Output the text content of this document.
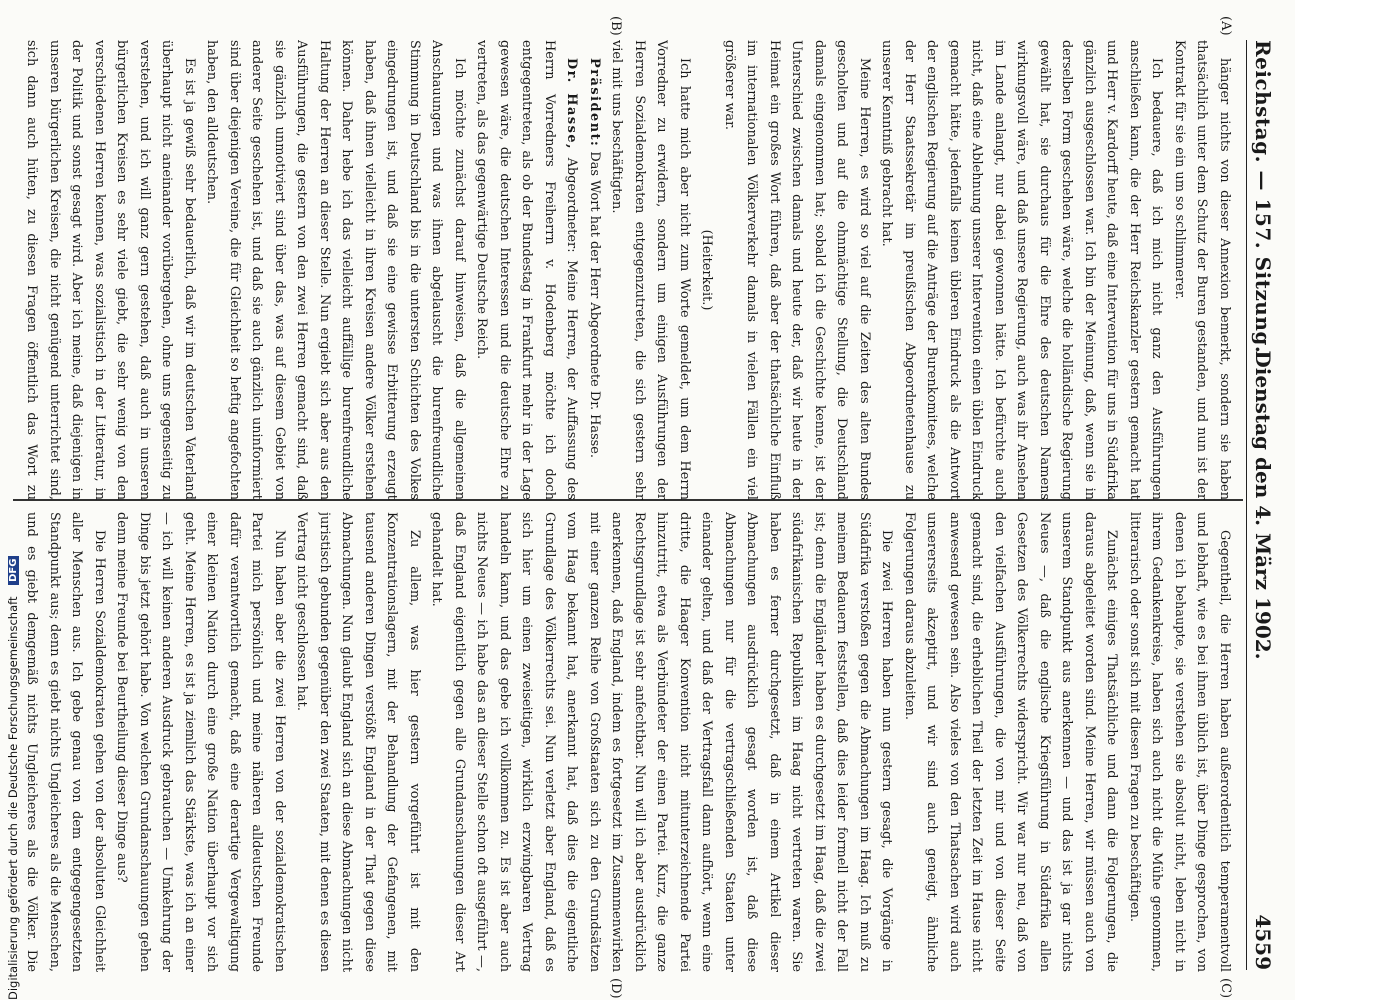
Reichstag. — 157. Sitzung.
Dienstag den 4. März 1902.
4559
(A)
(B)
(C)
(D)

hänger nichts von dieser Annexion bemerkt, sondern sie haben thatsächlich unter dem Schutz der Buren gestanden, und nun ist der Kontrakt für sie ein um so schlimmerer.

Ich bedauere, daß ich mich nicht ganz den Ausführungen anschließen kann, die der Herr Reichskanzler gestern gemacht hat und Herr v. Kardorff heute, daß eine Intervention für uns in Südafrika gänzlich ausgeschlossen war. Ich bin der Meinung, daß, wenn sie in derselben Form geschehen wäre, welche die holländische Regierung gewählt hat, sie durchaus für die Ehre des deutschen Namens wirkungsvoll wäre, und daß unsere Regierung, auch was ihr Ansehen im Lande anlangt, nur dabei gewonnen hätte. Ich befürchte auch nicht, daß eine Ablehnung unserer Intervention einen üblen Eindruck gemacht hätte, jedenfalls keinen übleren Eindruck als die Antwort der englischen Regierung auf die Anträge der Burenkomitees, welche der Herr Staatssekretär im preußischen Abgeordnetenhause zu unserer Kenntniß gebracht hat.

Meine Herren, es wird so viel auf die Zeiten des alten Bundes gescholten und auf die ohnmächtige Stellung, die Deutschland damals eingenommen hat; sobald ich die Geschichte kenne, ist der Unterschied zwischen damals und heute der, daß wir heute in der Heimat ein großes Wort führen, daß aber der thatsächliche Einfluß im internationalen Völkerverkehr damals in vielen Fällen ein viel größerer war.

(Heiterkeit.)

Ich hatte mich aber nicht zum Worte gemeldet, um dem Herrn Vorredner zu erwidern, sondern um einigen Ausführungen der Herren Sozialdemokraten entgegenzutreten, die sich gestern sehr viel mit uns beschäftigten.

Präsident: Das Wort hat der Herr Abgeordnete Dr. Hasse.

Dr. Hasse, Abgeordneter: Meine Herren, der Auffassung des Herrn Vorredners Freiherrn v. Hodenberg möchte ich doch entgegentreten, als ob der Bundestag in Frankfurt mehr in der Lage gewesen wäre, die deutschen Interessen und die deutsche Ehre zu vertreten, als das gegenwärtige Deutsche Reich.

Ich möchte zunächst darauf hinweisen, daß die allgemeinen Anschauungen und was ihnen abgelauscht die burenfreundliche Stimmung in Deutschland bis in die untersten Schichten des Volkes eingedrungen ist, und daß sie eine gewisse Erbitterung erzeugt haben, daß ihnen vielleicht in ihren Kreisen andere Völker erstehen können. Daher hebe ich das vielleicht auffällige burenfreundliche Haltung der Herren an dieser Stelle. Nun ergiebt sich aber aus den Ausführungen, die gestern von den zwei Herren gemacht sind, daß sie gänzlich unmotiviert sind über das, was auf diesem Gebiet von anderer Seite geschehen ist, und daß sie auch gänzlich uninformiert sind über diejenigen Vereine, die für Gleichheit so heftig angefochten haben, den alldeutschen.

Es ist ja gewiß sehr bedauerlich, daß wir im deutschen Vaterland überhaupt nicht aneinander vorübergehen, ohne uns gegenseitig zu verstehen, und ich will ganz gern gestehen, daß auch in unseren bürgerlichen Kreisen es sehr viele giebt, die sehr wenig von den verschiedenen Herren kennen, was sozialistisch in der Litteratur, in der Politik und sonst gesagt wird. Aber ich meine, daß diejenigen in unseren bürgerlichen Kreisen, die nicht genügend unterrichtet sind, sich dann auch hüten, zu diesen Fragen öffentlich das Wort zu

Gegentheil, die Herren haben außerordentlich temperamentvoll und lebhaft, wie es bei ihnen üblich ist, über Dinge gesprochen, von denen ich behaupte, sie verstehen sie absolut nicht, leben nicht in ihrem Gedankenkreise, haben sich auch nicht die Mühe genommen, litterarisch oder sonst sich mit diesen Fragen zu beschäftigen.

Zunächst einiges Thatsächliche und dann die Folgerungen, die daraus abgeleitet worden sind. Meine Herren, wir müssen auch von unserem Standpunkt aus anerkennen — und das ist ja gar nichts Neues —, daß die englische Kriegsführung in Südafrika allen Gesetzen des Völkerrechts widerspricht. Wir war nur neu, daß von den vielfachen Ausführungen, die von mir und von dieser Seite gemacht sind, die erheblichen Theil der letzten Zeit im Hause nicht anwesend gewesen sein. Also vieles von den Thatsachen wird auch unsererseits akzeptirt, und wir sind auch geneigt, ähnliche Folgerungen daraus abzuleiten.

Die zwei Herren haben nun gestern gesagt, die Vorgänge in Südafrika verstoßen gegen die Abmachungen im Haag. Ich muß zu meinem Bedauern feststellen, daß dies leider formell nicht der Fall ist; denn die Engländer haben es durchgesetzt im Haag, daß die zwei südafrikanischen Republiken im Haag nicht vertreten waren. Sie haben es ferner durchgesetzt, daß in einem Artikel dieser Abmachungen ausdrücklich gesagt worden ist, daß diese Abmachungen nur für die vertragschließenden Staaten unter einander gelten, und daß der Vertragsfall dann aufhört, wenn eine dritte, die Haager Konvention nicht mitunterzeichnende Partei hinzutritt, etwa als Verbündeter der einen Partei. Kurz, die ganze Rechtsgrundlage ist sehr anfechtbar. Nun will ich aber ausdrücklich anerkennen, daß England, indem es fortgesetzt im Zusammenwirken mit einer ganzen Reihe von Großstaaten sich zu den Grundsätzen vom Haag bekannt hat, anerkannt hat, daß dies die eigentliche Grundlage des Völkerrechts sei. Nun verletzt aber England, daß es sich hier um einen zweiseitigen, wirklich erzwingbaren Vertrag handeln kann, und das gebe ich vollkommen zu. Es ist aber auch nichts Neues — ich habe das an dieser Stelle schon oft ausgeführt —, daß England eigentlich gegen alle Grundanschauungen dieser Art gehandelt hat.

Zu allem, was hier gestern vorgeführt ist mit den Konzentrationslagern, mit der Behandlung der Gefangenen, mit tausend anderen Dingen verstößt England in der That gegen diese Abmachungen. Nun glaubt England sich an diese Abmachungen nicht juristisch gebunden gegenüber den zwei Staaten, mit denen es diesen Vertrag nicht geschlossen hat.

Nun haben aber die zwei Herren von der sozialdemokratischen Partei mich persönlich und meine näheren alldeutschen Freunde dafür verantwortlich gemacht, daß eine derartige Vergewaltigung einer kleinen Nation durch eine große Nation überhaupt vor sich geht. Meine Herren, es ist ja ziemlich das Stärkste, was ich an einer — ich will keinen anderen Ausdruck gebrauchen — Umkehrung der Dinge bis jetzt gehört habe. Von welchen Grundanschauungen gehen denn meine Freunde bei Beurtheilung dieser Dinge aus?

Die Herren Sozialdemokraten gehen von der absoluten Gleichheit aller Menschen aus. Ich gebe genau von dem entgegengesetzten Standpunkt aus; denn es giebt nichts Ungleicheres als die Menschen, und es giebt demgemäß nichts Ungleicheres als die Völker. Die

Digitalisierung gefördert durch die Deutsche Forschungsgemeinschaft DFG
